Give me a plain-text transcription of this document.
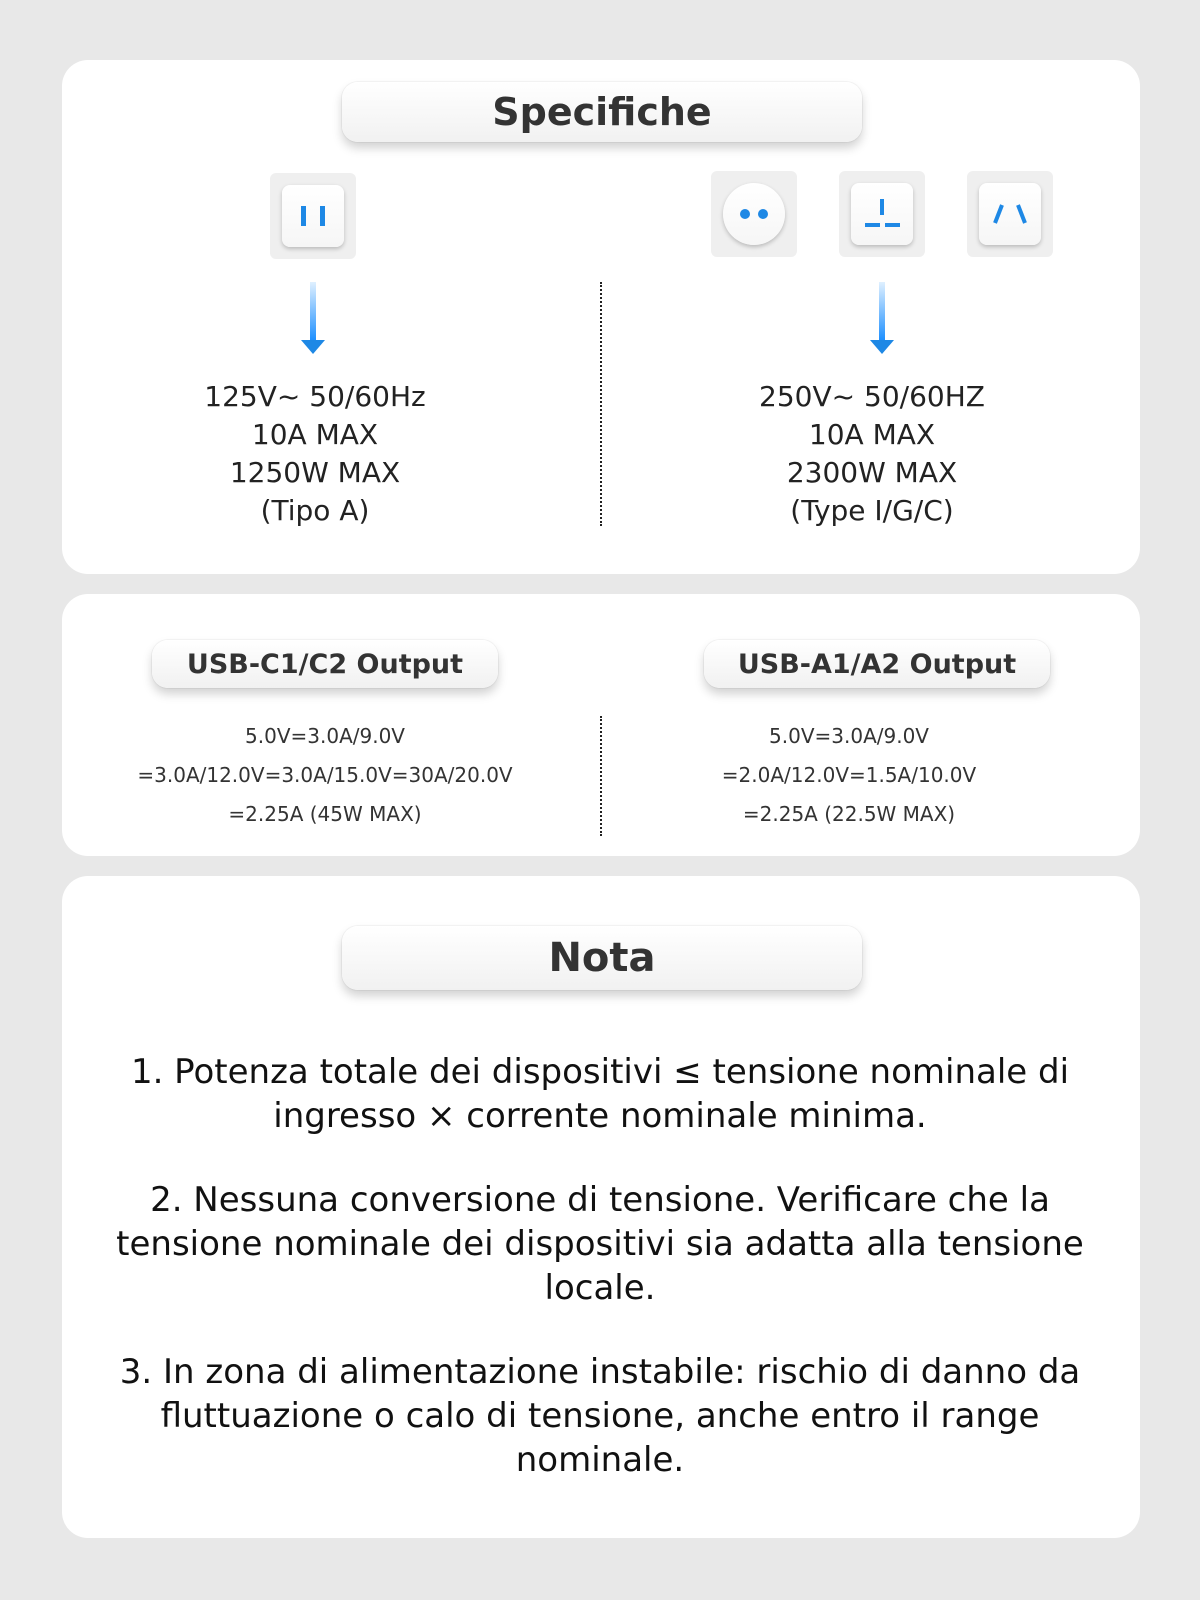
Specifiche
125V~ 50/60Hz
10A MAX
1250W MAX
(Tipo A)
250V~ 50/60HZ
10A MAX
2300W MAX
(Type I/G/C)
USB-C1/C2 Output	USB-A1/A2 Output
5.0V=3.0A/9.0V
=3.0A/12.0V=3.0A/15.0V=30A/20.0V
=2.25A (45W MAX)
5.0V=3.0A/9.0V
=2.0A/12.0V=1.5A/10.0V
=2.25A (22.5W MAX)
Nota

1. Potenza totale dei dispositivi ≤ tensione nominale di ingresso × corrente nominale minima.

2. Nessuna conversione di tensione. Verificare che la tensione nominale dei dispositivi sia adatta alla tensione locale.

3. In zona di alimentazione instabile: rischio di danno da fluttuazione o calo di tensione, anche entro il range nominale.
